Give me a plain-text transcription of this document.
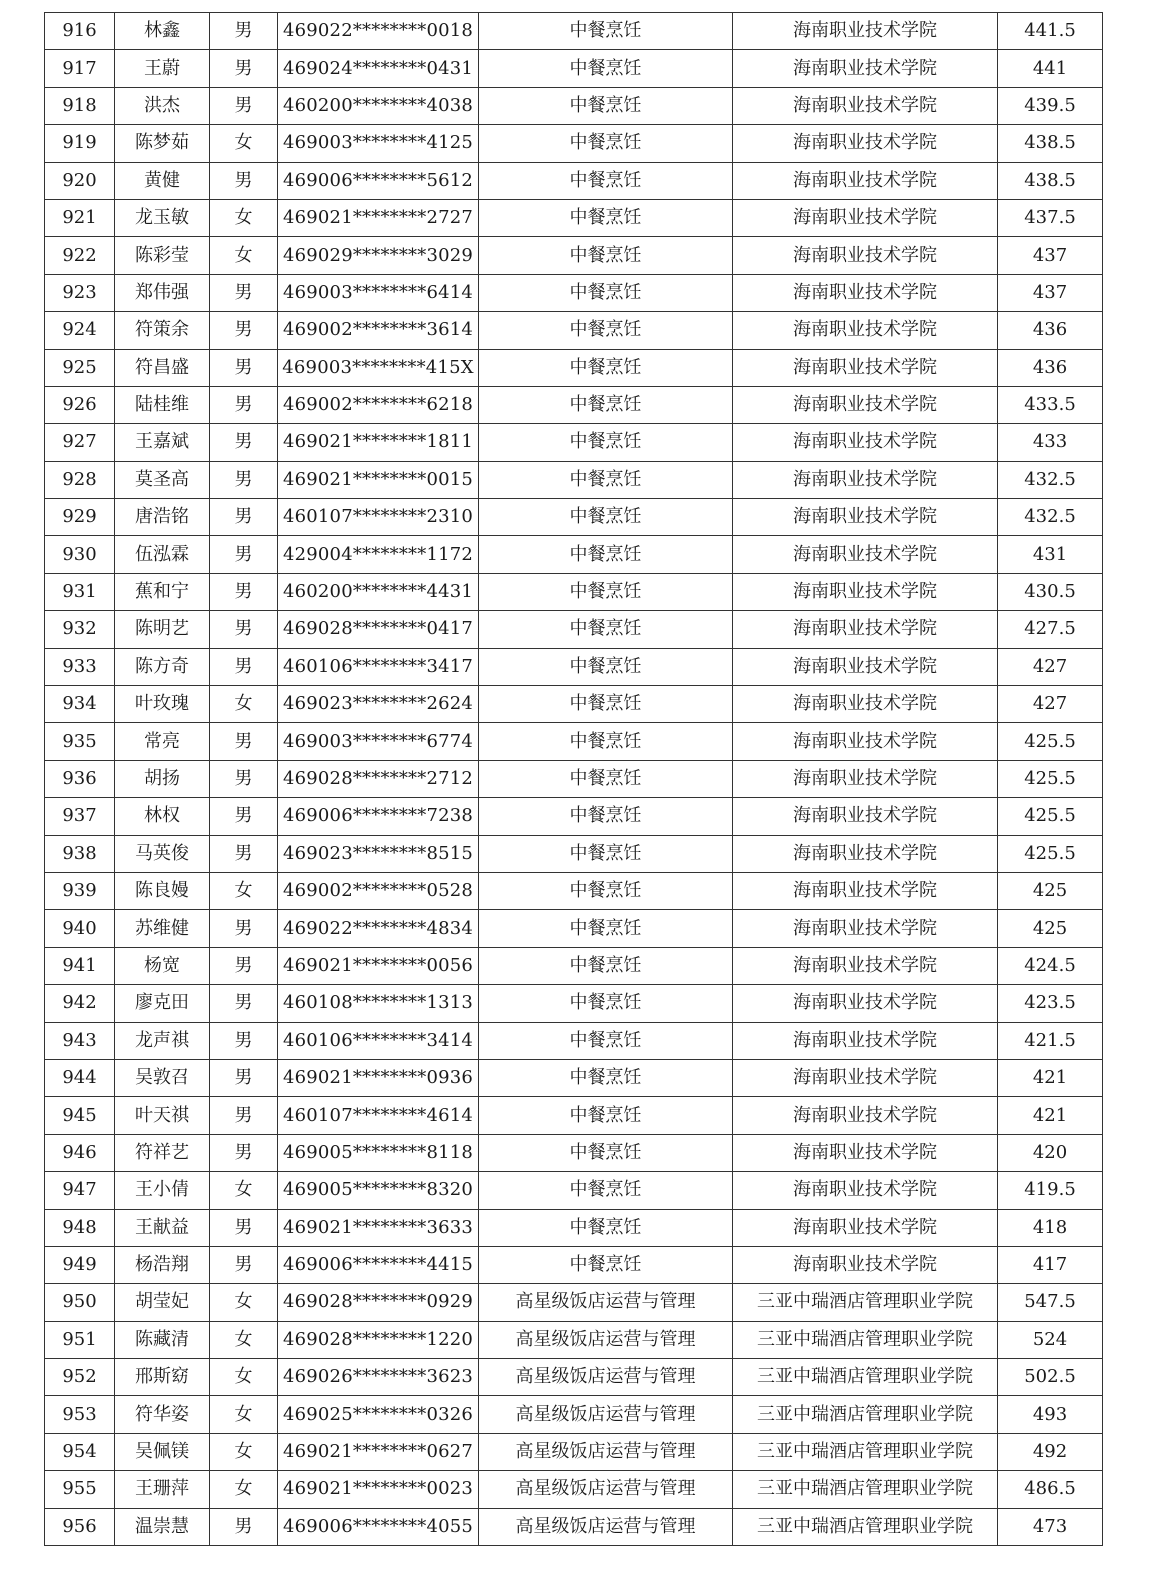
916	林鑫	男	469022********0018	中餐烹饪	海南职业技术学院	441.5
917	王蔚	男	469024********0431	中餐烹饪	海南职业技术学院	441
918	洪杰	男	460200********4038	中餐烹饪	海南职业技术学院	439.5
919	陈梦茹	女	469003********4125	中餐烹饪	海南职业技术学院	438.5
920	黄健	男	469006********5612	中餐烹饪	海南职业技术学院	438.5
921	龙玉敏	女	469021********2727	中餐烹饪	海南职业技术学院	437.5
922	陈彩莹	女	469029********3029	中餐烹饪	海南职业技术学院	437
923	郑伟强	男	469003********6414	中餐烹饪	海南职业技术学院	437
924	符策余	男	469002********3614	中餐烹饪	海南职业技术学院	436
925	符昌盛	男	469003********415X	中餐烹饪	海南职业技术学院	436
926	陆桂维	男	469002********6218	中餐烹饪	海南职业技术学院	433.5
927	王嘉斌	男	469021********1811	中餐烹饪	海南职业技术学院	433
928	莫圣高	男	469021********0015	中餐烹饪	海南职业技术学院	432.5
929	唐浩铭	男	460107********2310	中餐烹饪	海南职业技术学院	432.5
930	伍泓霖	男	429004********1172	中餐烹饪	海南职业技术学院	431
931	蕉和宁	男	460200********4431	中餐烹饪	海南职业技术学院	430.5
932	陈明艺	男	469028********0417	中餐烹饪	海南职业技术学院	427.5
933	陈方奇	男	460106********3417	中餐烹饪	海南职业技术学院	427
934	叶玫瑰	女	469023********2624	中餐烹饪	海南职业技术学院	427
935	常亮	男	469003********6774	中餐烹饪	海南职业技术学院	425.5
936	胡扬	男	469028********2712	中餐烹饪	海南职业技术学院	425.5
937	林权	男	469006********7238	中餐烹饪	海南职业技术学院	425.5
938	马英俊	男	469023********8515	中餐烹饪	海南职业技术学院	425.5
939	陈良嫚	女	469002********0528	中餐烹饪	海南职业技术学院	425
940	苏维健	男	469022********4834	中餐烹饪	海南职业技术学院	425
941	杨宽	男	469021********0056	中餐烹饪	海南职业技术学院	424.5
942	廖克田	男	460108********1313	中餐烹饪	海南职业技术学院	423.5
943	龙声祺	男	460106********3414	中餐烹饪	海南职业技术学院	421.5
944	吴敦召	男	469021********0936	中餐烹饪	海南职业技术学院	421
945	叶天祺	男	460107********4614	中餐烹饪	海南职业技术学院	421
946	符祥艺	男	469005********8118	中餐烹饪	海南职业技术学院	420
947	王小倩	女	469005********8320	中餐烹饪	海南职业技术学院	419.5
948	王献益	男	469021********3633	中餐烹饪	海南职业技术学院	418
949	杨浩翔	男	469006********4415	中餐烹饪	海南职业技术学院	417
950	胡莹妃	女	469028********0929	高星级饭店运营与管理	三亚中瑞酒店管理职业学院	547.5
951	陈藏清	女	469028********1220	高星级饭店运营与管理	三亚中瑞酒店管理职业学院	524
952	邢斯窈	女	469026********3623	高星级饭店运营与管理	三亚中瑞酒店管理职业学院	502.5
953	符华姿	女	469025********0326	高星级饭店运营与管理	三亚中瑞酒店管理职业学院	493
954	吴佩镁	女	469021********0627	高星级饭店运营与管理	三亚中瑞酒店管理职业学院	492
955	王珊萍	女	469021********0023	高星级饭店运营与管理	三亚中瑞酒店管理职业学院	486.5
956	温崇慧	男	469006********4055	高星级饭店运营与管理	三亚中瑞酒店管理职业学院	473
